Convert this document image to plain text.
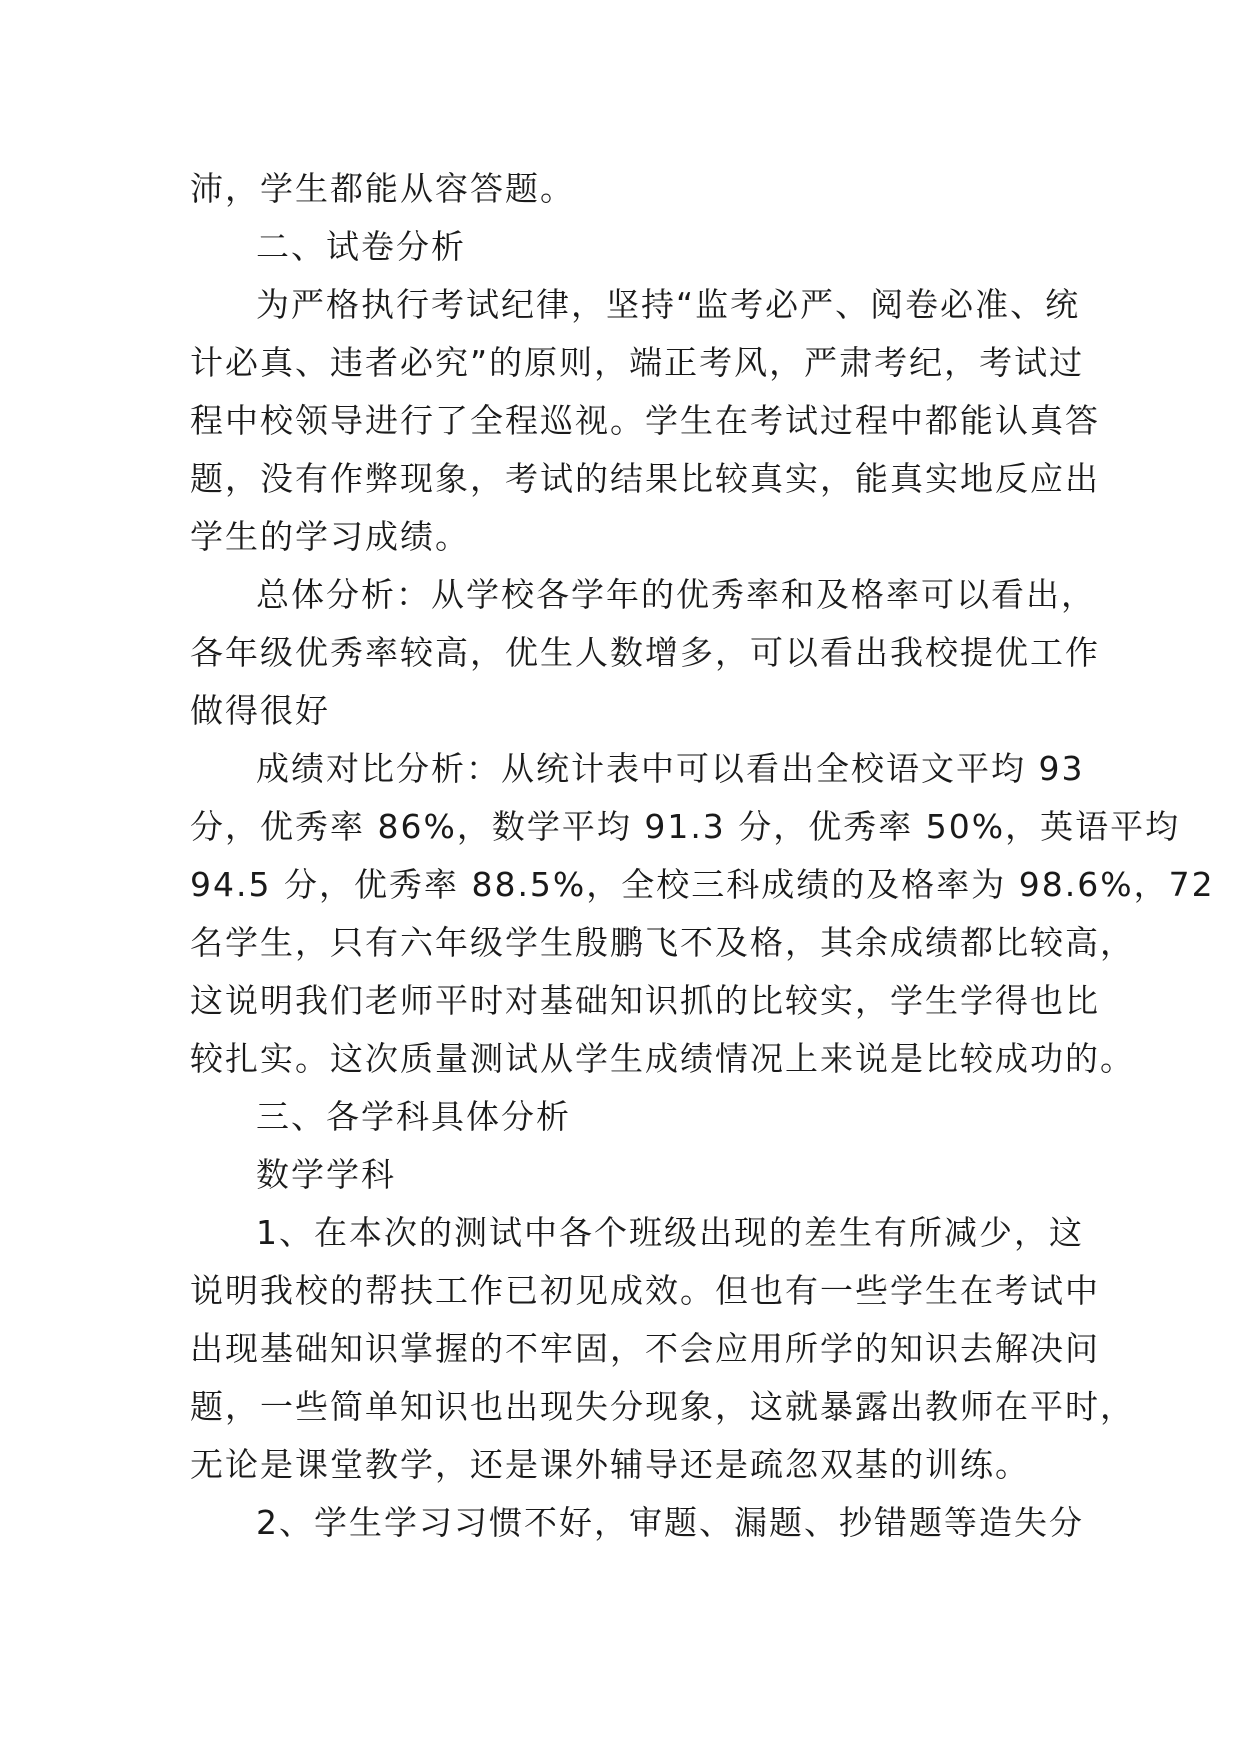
沛，学生都能从容答题。
二、试卷分析
为严格执行考试纪律，坚持“监考必严、阅卷必准、统
计必真、违者必究”的原则，端正考风，严肃考纪，考试过
程中校领导进行了全程巡视。学生在考试过程中都能认真答
题，没有作弊现象，考试的结果比较真实，能真实地反应出
学生的学习成绩。
总体分析：从学校各学年的优秀率和及格率可以看出，
各年级优秀率较高，优生人数增多，可以看出我校提优工作
做得很好
成绩对比分析：从统计表中可以看出全校语文平均 93
分，优秀率 86%，数学平均 91.3 分，优秀率 50%，英语平均
94.5 分，优秀率 88.5%，全校三科成绩的及格率为 98.6%，72
名学生，只有六年级学生殷鹏飞不及格，其余成绩都比较高，
这说明我们老师平时对基础知识抓的比较实，学生学得也比
较扎实。这次质量测试从学生成绩情况上来说是比较成功的。
三、各学科具体分析
数学学科
1、在本次的测试中各个班级出现的差生有所减少，这
说明我校的帮扶工作已初见成效。但也有一些学生在考试中
出现基础知识掌握的不牢固，不会应用所学的知识去解决问
题，一些简单知识也出现失分现象，这就暴露出教师在平时，
无论是课堂教学，还是课外辅导还是疏忽双基的训练。
2、学生学习习惯不好，审题、漏题、抄错题等造失分
